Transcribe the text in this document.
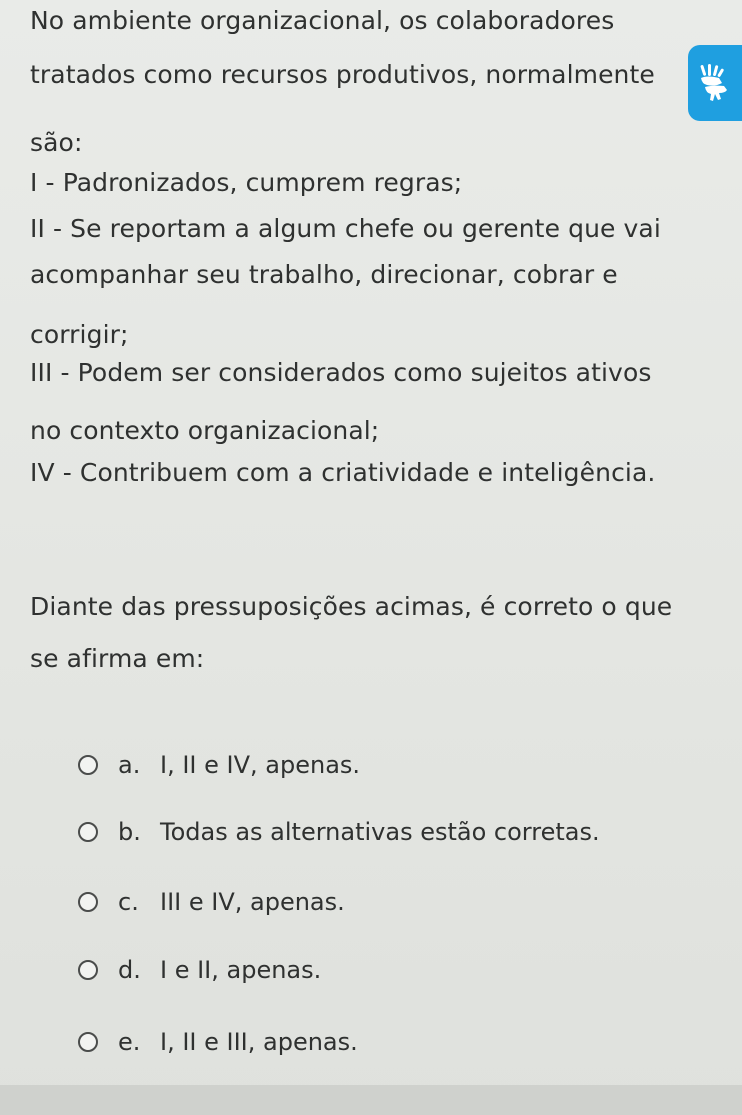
No ambiente organizacional, os colaboradores
tratados como recursos produtivos, normalmente
são:
I - Padronizados, cumprem regras;
II - Se reportam a algum chefe ou gerente que vai
acompanhar seu trabalho, direcionar, cobrar e
corrigir;
III - Podem ser considerados como sujeitos ativos
no contexto organizacional;
IV - Contribuem com a criatividade e inteligência.
Diante das pressuposições acimas, é correto o que
se afirma em:
a. I, II e IV, apenas.
b. Todas as alternativas estão corretas.
c. III e IV, apenas.
d. I e II, apenas.
e. I, II e III, apenas.
